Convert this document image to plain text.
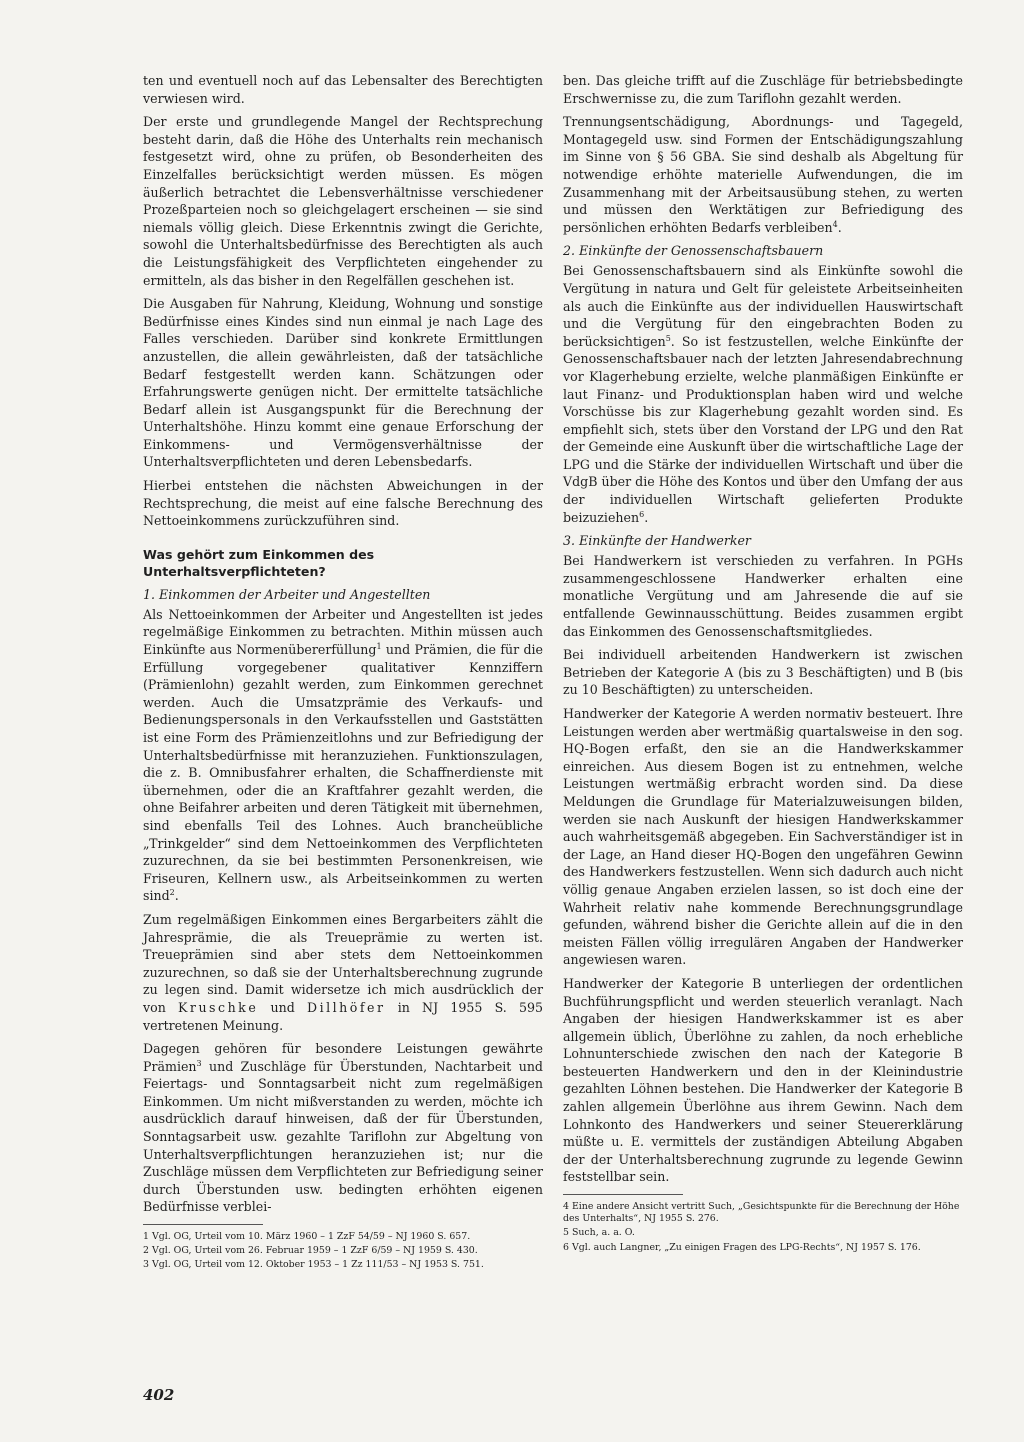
ten und eventuell noch auf das Lebensalter des Berechtigten verwiesen wird.

Der erste und grundlegende Mangel der Rechtsprechung besteht darin, daß die Höhe des Unterhalts rein mechanisch festgesetzt wird, ohne zu prüfen, ob Besonderheiten des Einzelfalles berücksichtigt werden müssen. Es mögen äußerlich betrachtet die Lebensverhältnisse verschiedener Prozeßparteien noch so gleichgelagert erscheinen — sie sind niemals völlig gleich. Diese Erkenntnis zwingt die Gerichte, sowohl die Unterhaltsbedürfnisse des Berechtigten als auch die Leistungsfähigkeit des Verpflichteten eingehender zu ermitteln, als das bisher in den Regelfällen geschehen ist.

Die Ausgaben für Nahrung, Kleidung, Wohnung und sonstige Bedürfnisse eines Kindes sind nun einmal je nach Lage des Falles verschieden. Darüber sind konkrete Ermittlungen anzustellen, die allein gewährleisten, daß der tatsächliche Bedarf festgestellt werden kann. Schätzungen oder Erfahrungswerte genügen nicht. Der ermittelte tatsächliche Bedarf allein ist Ausgangspunkt für die Berechnung der Unterhaltshöhe. Hinzu kommt eine genaue Erforschung der Einkommens- und Vermögensverhältnisse der Unterhaltsverpflichteten und deren Lebensbedarfs.

Hierbei entstehen die nächsten Abweichungen in der Rechtsprechung, die meist auf eine falsche Berechnung des Nettoeinkommens zurückzuführen sind.

Was gehört zum Einkommen des Unterhaltsverpflichteten?
1. Einkommen der Arbeiter und Angestellten

Als Nettoeinkommen der Arbeiter und Angestellten ist jedes regelmäßige Einkommen zu betrachten. Mithin müssen auch Einkünfte aus Normenübererfüllung$^1$ und Prämien, die für die Erfüllung vorgegebener qualitativer Kennziffern (Prämienlohn) gezahlt werden, zum Einkommen gerechnet werden. Auch die Umsatzprämie des Verkaufs- und Bedienungspersonals in den Verkaufsstellen und Gaststätten ist eine Form des Prämienzeitlohns und zur Befriedigung der Unterhaltsbedürfnisse mit heranzuziehen. Funktionszulagen, die z. B. Omnibusfahrer erhalten, die Schaffnerdienste mit übernehmen, oder die an Kraftfahrer gezahlt werden, die ohne Beifahrer arbeiten und deren Tätigkeit mit übernehmen, sind ebenfalls Teil des Lohnes. Auch brancheübliche „Trinkgelder“ sind dem Nettoeinkommen des Verpflichteten zuzurechnen, da sie bei bestimmten Personenkreisen, wie Friseuren, Kellnern usw., als Arbeitseinkommen zu werten sind$^2$.

Zum regelmäßigen Einkommen eines Bergarbeiters zählt die Jahresprämie, die als Treueprämie zu werten ist. Treueprämien sind aber stets dem Nettoeinkommen zuzurechnen, so daß sie der Unterhaltsberechnung zugrunde zu legen sind. Damit widersetze ich mich ausdrücklich der von Kruschke und Dillhöfer in NJ 1955 S. 595 vertretenen Meinung.

Dagegen gehören für besondere Leistungen gewährte Prämien$^3$ und Zuschläge für Überstunden, Nachtarbeit und Feiertags- und Sonntagsarbeit nicht zum regelmäßigen Einkommen. Um nicht mißverstanden zu werden, möchte ich ausdrücklich darauf hinweisen, daß der für Überstunden, Sonntagsarbeit usw. gezahlte Tariflohn zur Abgeltung von Unterhaltsverpflichtungen heranzuziehen ist; nur die Zuschläge müssen dem Verpflichteten zur Befriedigung seiner durch Überstunden usw. bedingten erhöhten eigenen Bedürfnisse verblei-

1 Vgl. OG, Urteil vom 10. März 1960 – 1 ZzF 54/59 – NJ 1960 S. 657.

2 Vgl. OG, Urteil vom 26. Februar 1959 – 1 ZzF 6/59 – NJ 1959 S. 430.

3 Vgl. OG, Urteil vom 12. Oktober 1953 – 1 Zz 111/53 – NJ 1953 S. 751.

ben. Das gleiche trifft auf die Zuschläge für betriebsbedingte Erschwernisse zu, die zum Tariflohn gezahlt werden.

Trennungsentschädigung, Abordnungs- und Tagegeld, Montagegeld usw. sind Formen der Entschädigungszahlung im Sinne von § 56 GBA. Sie sind deshalb als Abgeltung für notwendige erhöhte materielle Aufwendungen, die im Zusammenhang mit der Arbeitsausübung stehen, zu werten und müssen den Werktätigen zur Befriedigung des persönlichen erhöhten Bedarfs verbleiben$^4$.

2. Einkünfte der Genossenschaftsbauern

Bei Genossenschaftsbauern sind als Einkünfte sowohl die Vergütung in natura und Gelt für geleistete Arbeitseinheiten als auch die Einkünfte aus der individuellen Hauswirtschaft und die Vergütung für den eingebrachten Boden zu berücksichtigen$^5$. So ist festzustellen, welche Einkünfte der Genossenschaftsbauer nach der letzten Jahresendabrechnung vor Klagerhebung erzielte, welche planmäßigen Einkünfte er laut Finanz- und Produktionsplan haben wird und welche Vorschüsse bis zur Klagerhebung gezahlt worden sind. Es empfiehlt sich, stets über den Vorstand der LPG und den Rat der Gemeinde eine Auskunft über die wirtschaftliche Lage der LPG und die Stärke der individuellen Wirtschaft und über die VdgB über die Höhe des Kontos und über den Umfang der aus der individuellen Wirtschaft gelieferten Produkte beizuziehen$^6$.

3. Einkünfte der Handwerker

Bei Handwerkern ist verschieden zu verfahren. In PGHs zusammengeschlossene Handwerker erhalten eine monatliche Vergütung und am Jahresende die auf sie entfallende Gewinnausschüttung. Beides zusammen ergibt das Einkommen des Genossenschaftsmitgliedes.

Bei individuell arbeitenden Handwerkern ist zwischen Betrieben der Kategorie A (bis zu 3 Beschäftigten) und B (bis zu 10 Beschäftigten) zu unterscheiden.

Handwerker der Kategorie A werden normativ besteuert. Ihre Leistungen werden aber wertmäßig quartalsweise in den sog. HQ-Bogen erfaßt, den sie an die Handwerkskammer einreichen. Aus diesem Bogen ist zu entnehmen, welche Leistungen wertmäßig erbracht worden sind. Da diese Meldungen die Grundlage für Materialzuweisungen bilden, werden sie nach Auskunft der hiesigen Handwerkskammer auch wahrheitsgemäß abgegeben. Ein Sachverständiger ist in der Lage, an Hand dieser HQ-Bogen den ungefähren Gewinn des Handwerkers festzustellen. Wenn sich dadurch auch nicht völlig genaue Angaben erzielen lassen, so ist doch eine der Wahrheit relativ nahe kommende Berechnungsgrundlage gefunden, während bisher die Gerichte allein auf die in den meisten Fällen völlig irregulären Angaben der Handwerker angewiesen waren.

Handwerker der Kategorie B unterliegen der ordentlichen Buchführungspflicht und werden steuerlich veranlagt. Nach Angaben der hiesigen Handwerkskammer ist es aber allgemein üblich, Überlöhne zu zahlen, da noch erhebliche Lohnunterschiede zwischen den nach der Kategorie B besteuerten Handwerkern und den in der Kleinindustrie gezahlten Löhnen bestehen. Die Handwerker der Kategorie B zahlen allgemein Überlöhne aus ihrem Gewinn. Nach dem Lohnkonto des Handwerkers und seiner Steuererklärung müßte u. E. vermittels der zuständigen Abteilung Abgaben der der Unterhaltsberechnung zugrunde zu legende Gewinn feststellbar sein.

4 Eine andere Ansicht vertritt Such, „Gesichtspunkte für die Berechnung der Höhe des Unterhalts“, NJ 1955 S. 276.

5 Such, a. a. O.

6 Vgl. auch Langner, „Zu einigen Fragen des LPG-Rechts“, NJ 1957 S. 176.

402
